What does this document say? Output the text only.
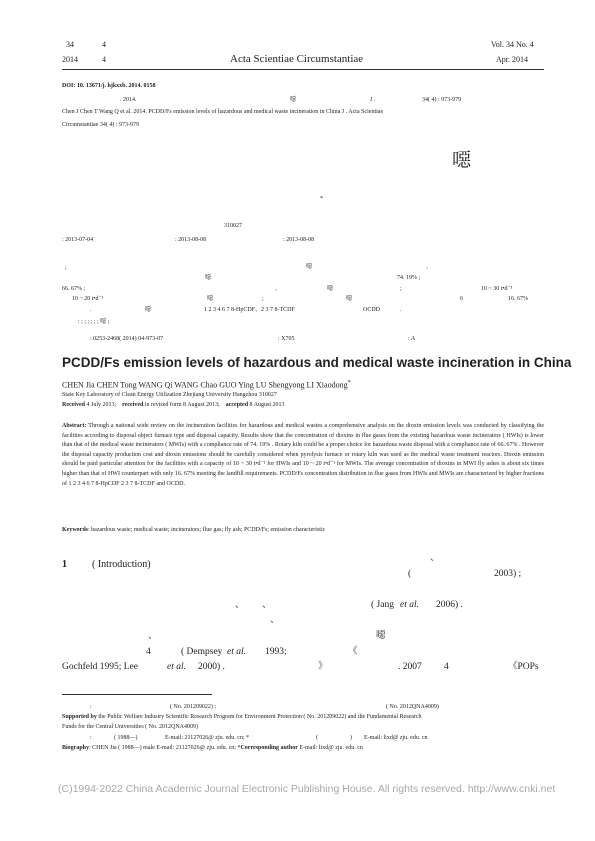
34	4
2014	4	Acta Scientiae Circumstantiae
Vol. 34 No. 4
Apr. 2014
DOI: 10. 13671/j. hjkxxb. 2014. 0158
. 2014.	噁	J .	34( 4) : 973-979
Chen J Chen T Wang Q et al. 2014. PCDD/Fs emission levels of hazardous and medical waste incineration in China J . Acta Scientiae
Circumstantiae 34( 4) : 973-979
噁
*
310027
: 2013-07-04	: 2013-08-08	: 2013-08-08
;	噁	、
噁	74. 19% ;
66. 67% ;	、	噁	;	10 ~ 30 t•d⁻¹
10 ~ 20 t•d⁻¹	噁	;	噁	6	16. 67%
.	噁	1 2 3 4 6 7 8-HpCDF、2 3 7 8-TCDF	OCDD	.
: ; ; ; ; ; ; 噁 ;
: 0253-2468( 2014) 04-973-07	: X705	: A
PCDD/Fs emission levels of hazardous and medical waste incineration in China
CHEN Jia CHEN Tong WANG Qi WANG Chao GUO Ying LU Shengyong LI Xiaodong*
State Key Laboratory of Clean Energy Utilization Zhejiang University Hangzhou 310027
Received 4 July 2013; received in revised form 8 August 2013; accepted 8 August 2013
Abstract: Through a national wide review on the incineration facilities for hazardous and medical wastes a comprehensive analysis on the dioxin emission levels was conducted by classifying the facilities according to disposal object furnace type and disposal capacity. Results show that the concentration of dioxins in flue gases from the existing hazardous waste incinerators ( HWIs) is lower than that of the medical waste incinerators ( MWIs) with a compliance rate of 74. 19% . Rotary kiln could be a proper choice for hazardous waste disposal with a compliance rate of 66. 67% . However the disposal capacity production cost and dioxin emissions should be carefully considered when pyrolysis furnace or rotary kiln was used as the medical waste treatment reactors. Dioxin emission should be paid particular attention for the facilities with a capacity of 10 ~ 30 t•d⁻¹ for HWIs and 10 ~ 20 t•d⁻¹ for MWIs. The average concentration of dioxins in MWI fly ashes is about six times higher than that of HWI counterpart with only 16. 67% meeting the landfill requirements. PCDD/Fs concentration distribution in flue gases from HWIs and MWIs are characterized by higher fractions of 1 2 3 4 6 7 8-HpCDF 2 3 7 8-TCDF and OCDD.
Keywords: hazardous waste; medical waste; incinerators; flue gas; fly ash; PCDD/Fs; emission characteristic
1	( Introduction)
、
(	2003) ;
、 、	( Jang et al. 2006) .
、
、	噁
4	( Dempsey et al. 1993;	《
Gochfeld 1995; Lee	et al. 2000) .	》	. 2007 4	《POPs
:	( No. 201209022) ;	( No. 2012QNA4009)
Supported by the Public Welfare Industry Scientific Research Program for Environment Protection ( No. 201209022) and the Fundamental Research
Funds for the Central Universities ( No. 2012QNA4009)
:	( 1988—)	E-mail: 21127026@ zju. edu. cn; *	(	) E-mail: lixd@ zju. edu. cn
Biography: CHEN Jia ( 1988—) male E-mail: 21127026@ zju. edu. cn; *Corresponding author E-mail: lixd@ zju. edu. cn
(C)1994-2022 China Academic Journal Electronic Publishing House. All rights reserved. http://www.cnki.net
